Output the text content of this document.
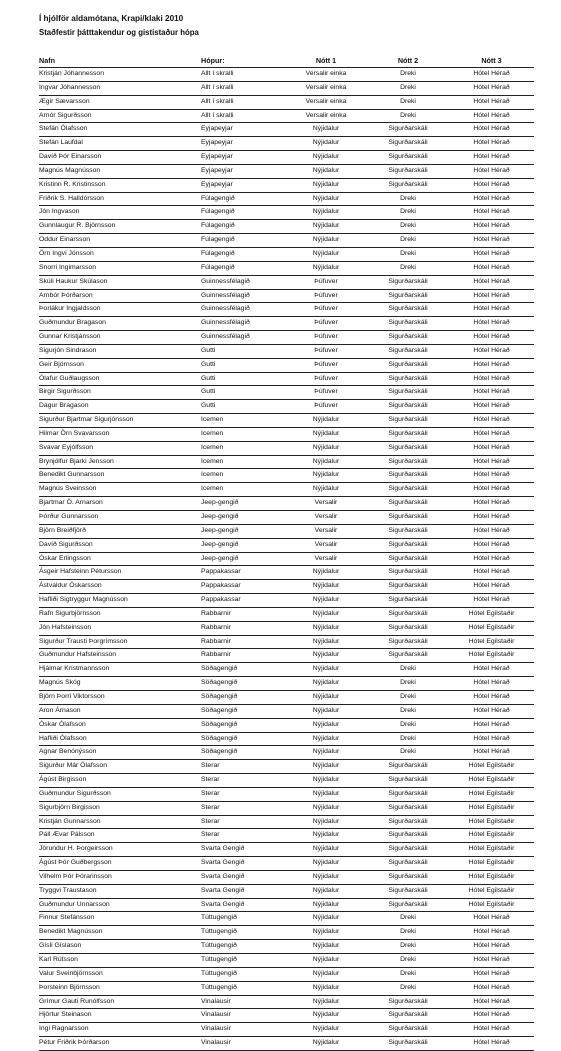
Í hjólför aldamótana, Krapi/klaki 2010
Staðfestir þátttakendur og gististaður hópa
Nafn	Hópur:	Nótt 1	Nótt 2	Nótt 3
Kristján Jóhannesson	Allt í skralli	Versalir einka	Dreki	Hótel Hérað
Ingvar Jóhannesson	Allt í skralli	Versalir einka	Dreki	Hótel Hérað
Ægir Sævarsson	Allt í skralli	Versalir einka	Dreki	Hótel Hérað
Arnór Sigurðsson	Allt í skralli	Versalir einka	Dreki	Hótel Hérað
Stefán Ólafsson	Eyjapeyjar	Nýjidalur	Sigurðarskáli	Hótel Hérað
Stefán Laufdal	Eyjapeyjar	Nýjidalur	Sigurðarskáli	Hótel Hérað
Davíð Þór Einarsson	Eyjapeyjar	Nýjidalur	Sigurðarskáli	Hótel Hérað
Magnús Magnússon	Eyjapeyjar	Nýjidalur	Sigurðarskáli	Hótel Hérað
Kristinn R. Kristinsson	Eyjapeyjar	Nýjidalur	Sigurðarskáli	Hótel Hérað
Friðrik S. Halldórsson	Fúlagengið	Nýjidalur	Dreki	Hótel Hérað
Jón Ingvason	Fúlagengið	Nýjidalur	Dreki	Hótel Hérað
Gunnlaugur R. Björnsson	Fúlagengið	Nýjidalur	Dreki	Hótel Hérað
Oddur Einarsson	Fúlagengið	Nýjidalur	Dreki	Hótel Hérað
Örn Ingvi Jónsson	Fúlagengið	Nýjidalur	Dreki	Hótel Hérað
Snorri Ingimarsson	Fúlagengið	Nýjidalur	Dreki	Hótel Hérað
Skúli Haukur Skúlason	Guinnessfélagið	Þúfuver	Sigurðarskáli	Hótel Hérað
Arnbór Þórðarson	Guinnessfélagið	Þúfuver	Sigurðarskáli	Hótel Hérað
Þorlákur Ingjaldsson	Guinnessfélagið	Þúfuver	Sigurðarskáli	Hótel Hérað
Guðmundur Bragason	Guinnessfélagið	Þúfuver	Sigurðarskáli	Hótel Hérað
Gunnar Kristjánsson	Guinnessfélagið	Þúfuver	Sigurðarskáli	Hótel Hérað
Sigurjón Sindrason	Gutti	Þúfuver	Sigurðarskáli	Hótel Hérað
Geir Björnsson	Gutti	Þúfuver	Sigurðarskáli	Hótel Hérað
Ólafur Guðlaugsson	Gutti	Þúfuver	Sigurðarskáli	Hótel Hérað
Birgir Sigurðsson	Gutti	Þúfuver	Sigurðarskáli	Hótel Hérað
Dagur Bragason	Gutti	Þúfuver	Sigurðarskáli	Hótel Hérað
Sigurður Bjartmar Sigurjónsson	Icemen	Nýjidalur	Sigurðarskáli	Hótel Hérað
Hilmar Örn Svavarsson	Icemen	Nýjidalur	Sigurðarskáli	Hótel Hérað
Svavar Eyjólfsson	Icemen	Nýjidalur	Sigurðarskáli	Hótel Hérað
Brynjólfur Bjarki Jensson	Icemen	Nýjidalur	Sigurðarskáli	Hótel Hérað
Benedikt Gunnarsson	Icemen	Nýjidalur	Sigurðarskáli	Hótel Hérað
Magnús Sveinsson	Icemen	Nýjidalur	Sigurðarskáli	Hótel Hérað
Bjartmar Ö. Arnarson	Jeep-gengið	Versalir	Sigurðarskáli	Hótel Hérað
Þórður Gunnarsson	Jeep-gengið	Versalir	Sigurðarskáli	Hótel Hérað
Björn Breiðfjörð	Jeep-gengið	Versalir	Sigurðarskáli	Hótel Hérað
Davíð Sigurðsson	Jeep-gengið	Versalir	Sigurðarskáli	Hótel Hérað
Óskar Erlingsson	Jeep-gengið	Versalir	Sigurðarskáli	Hótel Hérað
Ásgeir Hafsteinn Pétursson	Pappakassar	Nýjidalur	Sigurðarskáli	Hótel Hérað
Ástvaldur Óskarsson	Pappakassar	Nýjidalur	Sigurðarskáli	Hótel Hérað
Hafliði Sigtryggur Magnússon	Pappakassar	Nýjidalur	Sigurðarskáli	Hótel Hérað
Rafn Sigurbjörnsson	Rabbarnir	Nýjidalur	Sigurðarskáli	Hótel Egilstaðir
Jón Hafsteinsson	Rabbarnir	Nýjidalur	Sigurðarskáli	Hótel Egilstaðir
Sigurður Trausti Þorgrímsson	Rabbarnir	Nýjidalur	Sigurðarskáli	Hótel Egilstaðir
Guðmundur Hafsteinsson	Rabbarnir	Nýjidalur	Sigurðarskáli	Hótel Egilstaðir
Hjálmar Kristmannsson	Söðagengið	Nýjidalur	Dreki	Hótel Hérað
Magnús Skóg	Söðagengið	Nýjidalur	Dreki	Hótel Hérað
Björn Þorri Viktorsson	Söðagengið	Nýjidalur	Dreki	Hótel Hérað
Aron Árnason	Söðagengið	Nýjidalur	Dreki	Hótel Hérað
Óskar Ólafsson	Söðagengið	Nýjidalur	Dreki	Hótel Hérað
Hafliði Ólafsson	Söðagengið	Nýjidalur	Dreki	Hótel Hérað
Agnar Benónýsson	Söðagengið	Nýjidalur	Dreki	Hótel Hérað
Sigurður Már Ólafsson	Sterar	Nýjidalur	Sigurðarskáli	Hótel Egilstaðir
Ágúst Birgisson	Sterar	Nýjidalur	Sigurðarskáli	Hótel Egilstaðir
Guðmundur Sigurðsson	Sterar	Nýjidalur	Sigurðarskáli	Hótel Egilstaðir
Sigurbjörn Birgisson	Sterar	Nýjidalur	Sigurðarskáli	Hótel Egilstaðir
Kristján Gunnarsson	Sterar	Nýjidalur	Sigurðarskáli	Hótel Egilstaðir
Páll Ævar Pálsson	Sterar	Nýjidalur	Sigurðarskáli	Hótel Egilstaðir
Jörundur H. Þorgeirsson	Svarta Gengið	Nýjidalur	Sigurðarskáli	Hótel Egilstaðir
Ágúst Þór Guðbergsson	Svarta Gengið	Nýjidalur	Sigurðarskáli	Hótel Egilstaðir
Vilhelm Þór Þórarinsson	Svarta Gengið	Nýjidalur	Sigurðarskáli	Hótel Egilstaðir
Tryggvi Traustason	Svarta Gengið	Nýjidalur	Sigurðarskáli	Hótel Egilstaðir
Guðmundur Unnarsson	Svarta Gengið	Nýjidalur	Sigurðarskáli	Hótel Egilstaðir
Finnur Stefánsson	Túttugengið	Nýjidalur	Dreki	Hótel Hérað
Benedikt Magnússon	Túttugengið	Nýjidalur	Dreki	Hótel Hérað
Gísli Gíslason	Túttugengið	Nýjidalur	Dreki	Hótel Hérað
Karl Rútsson	Túttugengið	Nýjidalur	Dreki	Hótel Hérað
Valur Sveinbjörnsson	Túttugengið	Nýjidalur	Dreki	Hótel Hérað
Þorsteinn Björnsson	Túttugengið	Nýjidalur	Dreki	Hótel Hérað
Grímur Gauti Runólfsson	Vinalausir	Nýjidalur	Sigurðarskáli	Hótel Hérað
Hjörtur Steinason	Vinalausir	Nýjidalur	Sigurðarskáli	Hótel Hérað
Ingi Ragnarsson	Vinalausir	Nýjidalur	Sigurðarskáli	Hótel Hérað
Pétur Friðrik Þórðarson	Vinalausir	Nýjidalur	Sigurðarskáli	Hótel Hérað
